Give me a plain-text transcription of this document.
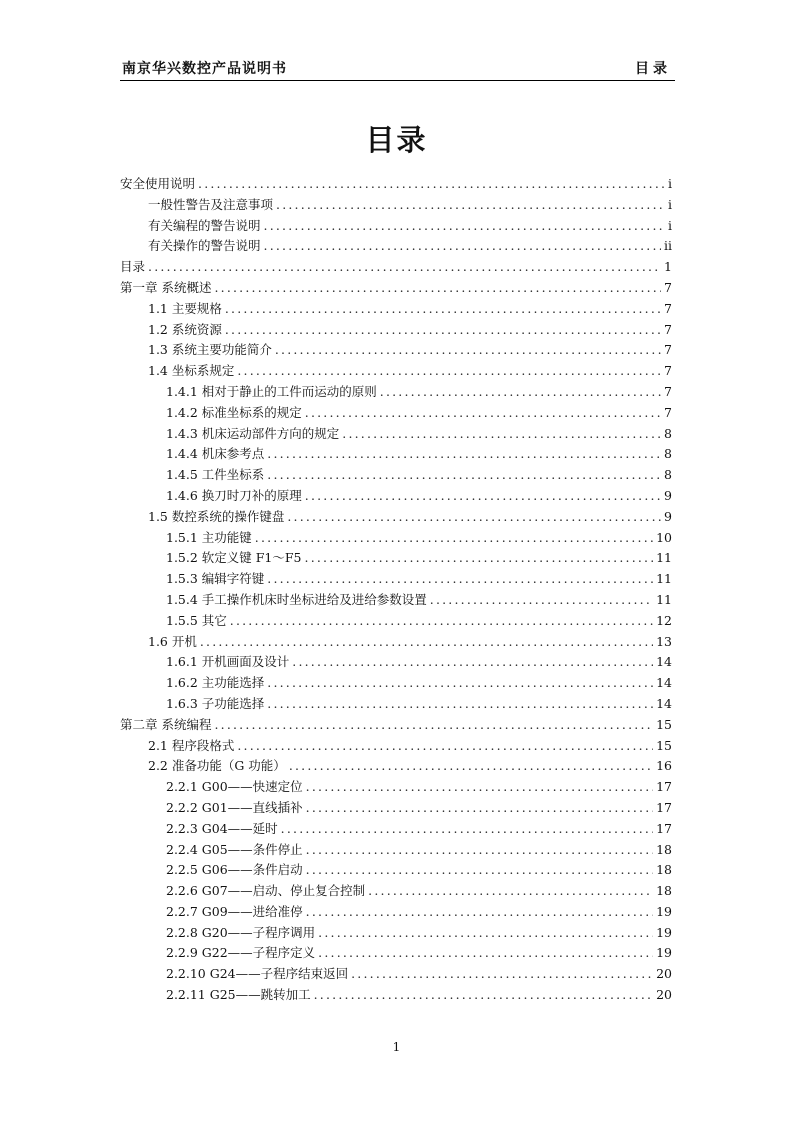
南京华兴数控产品说明书	目录
目录
安全使用说明 .....	i
一般性警告及注意事项 .....	i
有关编程的警告说明 .....	i
有关操作的警告说明 .....	ii
目录 .....	1
第一章 系统概述 .....	7
1.1 主要规格 .....	7
1.2 系统资源 .....	7
1.3 系统主要功能简介 .....	7
1.4 坐标系规定 .....	7
1.4.1 相对于静止的工件而运动的原则 .....	7
1.4.2 标准坐标系的规定 .....	7
1.4.3 机床运动部件方向的规定 .....	8
1.4.4 机床参考点 .....	8
1.4.5 工件坐标系 .....	8
1.4.6 换刀时刀补的原理 .....	9
1.5 数控系统的操作键盘 .....	9
1.5.1 主功能键 .....	10
1.5.2 软定义键 F1～F5 .....	11
1.5.3 编辑字符键 .....	11
1.5.4 手工操作机床时坐标进给及进给参数设置 .....	11
1.5.5 其它 .....	12
1.6 开机 .....	13
1.6.1 开机画面及设计 .....	14
1.6.2 主功能选择 .....	14
1.6.3 子功能选择 .....	14
第二章 系统编程 .....	15
2.1 程序段格式 .....	15
2.2 准备功能（G 功能） .....	16
2.2.1 G00——快速定位 .....	17
2.2.2 G01——直线插补 .....	17
2.2.3 G04——延时 .....	17
2.2.4 G05——条件停止 .....	18
2.2.5 G06——条件启动 .....	18
2.2.6 G07——启动、停止复合控制 .....	18
2.2.7 G09——进给准停 .....	19
2.2.8 G20——子程序调用 .....	19
2.2.9 G22——子程序定义 .....	19
2.2.10 G24——子程序结束返回 .....	20
2.2.11 G25——跳转加工 .....	20
1
